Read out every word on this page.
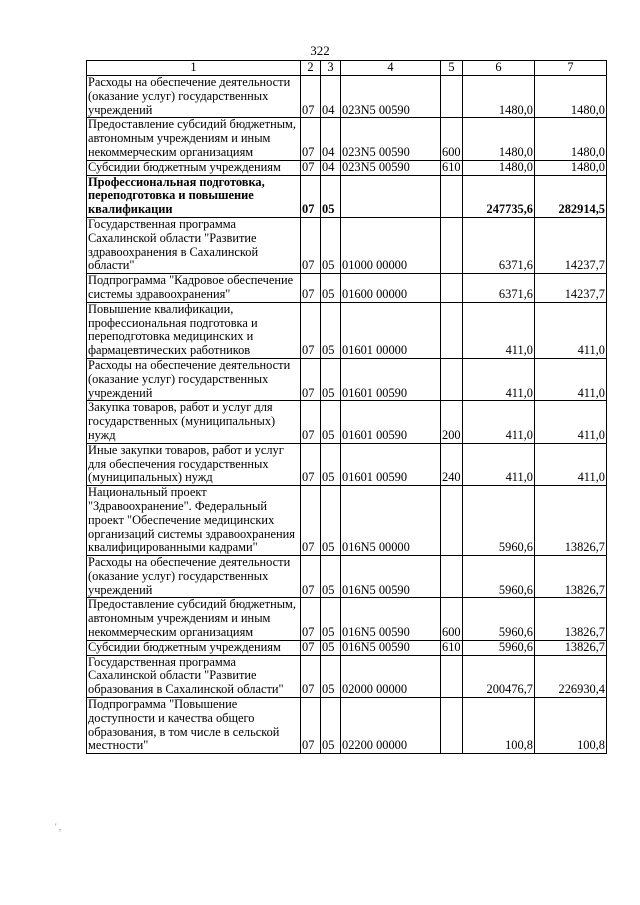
322
1	2	3	4	5	6	7
Расходы на обеспечение деятельности (оказание услуг) государственных учреждений	07	04	023N5 00590		1480,0	1480,0
Предоставление субсидий бюджетным, автономным учреждениям и иным некоммерческим организациям	07	04	023N5 00590	600	1480,0	1480,0
Субсидии бюджетным учреждениям	07	04	023N5 00590	610	1480,0	1480,0
Профессиональная подготовка, переподготовка и повышение квалификации	07	05			247735,6	282914,5
Государственная программа Сахалинской области "Развитие здравоохранения в Сахалинской области"	07	05	01000 00000		6371,6	14237,7
Подпрограмма "Кадровое обеспечение системы здравоохранения"	07	05	01600 00000		6371,6	14237,7
Повышение квалификации, профессиональная подготовка и переподготовка медицинских и фармацевтических работников	07	05	01601 00000		411,0	411,0
Расходы на обеспечение деятельности (оказание услуг) государственных учреждений	07	05	01601 00590		411,0	411,0
Закупка товаров, работ и услуг для государственных (муниципальных) нужд	07	05	01601 00590	200	411,0	411,0
Иные закупки товаров, работ и услуг для обеспечения государственных (муниципальных) нужд	07	05	01601 00590	240	411,0	411,0
Национальный проект "Здравоохранение". Федеральный проект "Обеспечение медицинских организаций системы здравоохранения квалифицированными кадрами"	07	05	016N5 00000		5960,6	13826,7
Расходы на обеспечение деятельности (оказание услуг) государственных учреждений	07	05	016N5 00590		5960,6	13826,7
Предоставление субсидий бюджетным, автономным учреждениям и иным некоммерческим организациям	07	05	016N5 00590	600	5960,6	13826,7
Субсидии бюджетным учреждениям	07	05	016N5 00590	610	5960,6	13826,7
Государственная программа Сахалинской области "Развитие образования в Сахалинской области"	07	05	02000 00000		200476,7	226930,4
Подпрограмма "Повышение доступности и качества общего образования, в том числе в сельской местности"	07	05	02200 00000		100,8	100,8
' ,
